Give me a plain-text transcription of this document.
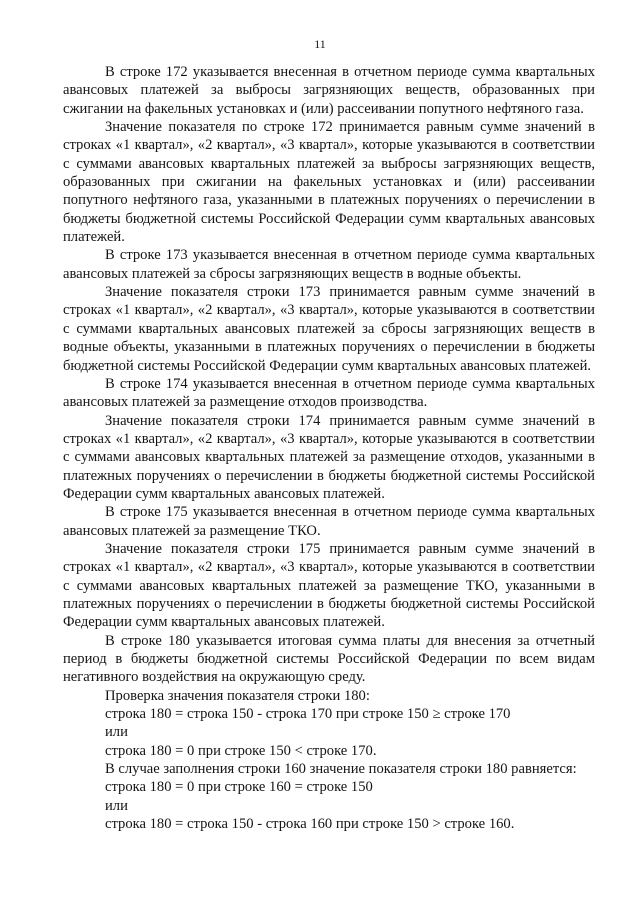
11

В строке 172 указывается внесенная в отчетном периоде сумма квартальных авансовых платежей за выбросы загрязняющих веществ, образованных при сжигании на факельных установках и (или) рассеивании попутного нефтяного газа.

Значение показателя по строке 172 принимается равным сумме значений в строках «1 квартал», «2 квартал», «3 квартал», которые указываются в соответствии с суммами авансовых квартальных платежей за выбросы загрязняющих веществ, образованных при сжигании на факельных установках и (или) рассеивании попутного нефтяного газа, указанными в платежных поручениях о перечислении в бюджеты бюджетной системы Российской Федерации сумм квартальных авансовых платежей.

В строке 173 указывается внесенная в отчетном периоде сумма квартальных авансовых платежей за сбросы загрязняющих веществ в водные объекты.

Значение показателя строки 173 принимается равным сумме значений в строках «1 квартал», «2 квартал», «3 квартал», которые указываются в соответствии с суммами квартальных авансовых платежей за сбросы загрязняющих веществ в водные объекты, указанными в платежных поручениях о перечислении в бюджеты бюджетной системы Российской Федерации сумм квартальных авансовых платежей.

В строке 174 указывается внесенная в отчетном периоде сумма квартальных авансовых платежей за размещение отходов производства.

Значение показателя строки 174 принимается равным сумме значений в строках «1 квартал», «2 квартал», «3 квартал», которые указываются в соответствии с суммами авансовых квартальных платежей за размещение отходов, указанными в платежных поручениях о перечислении в бюджеты бюджетной системы Российской Федерации сумм квартальных авансовых платежей.

В строке 175 указывается внесенная в отчетном периоде сумма квартальных авансовых платежей за размещение ТКО.

Значение показателя строки 175 принимается равным сумме значений в строках «1 квартал», «2 квартал», «3 квартал», которые указываются в соответствии с суммами авансовых квартальных платежей за размещение ТКО, указанными в платежных поручениях о перечислении в бюджеты бюджетной системы Российской Федерации сумм квартальных авансовых платежей.

В строке 180 указывается итоговая сумма платы для внесения за отчетный период в бюджеты бюджетной системы Российской Федерации по всем видам негативного воздействия на окружающую среду.

Проверка значения показателя строки 180:

строка 180 = строка 150 - строка 170 при строке 150 ≥ строке 170

или

строка 180 = 0 при строке 150 < строке 170.

В случае заполнения строки 160 значение показателя строки 180 равняется:

строка 180 = 0 при строке 160 = строке 150

или

строка 180 = строка 150 - строка 160 при строке 150 > строке 160.
